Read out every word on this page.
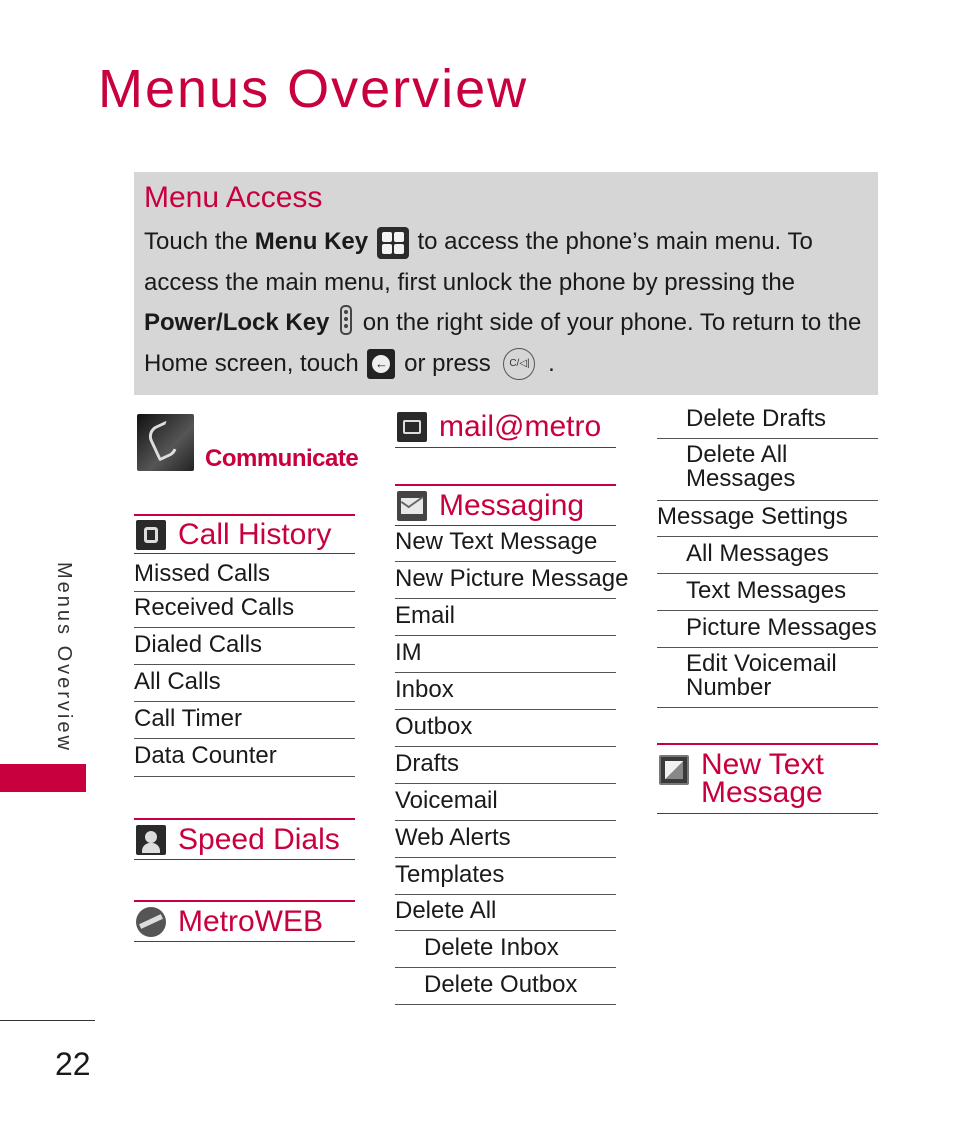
Menus Overview
Menu Access
Touch the Menu Key
to access the phone’s main menu. To access the main menu, first unlock the phone by pressing the Power/Lock Key
on the right side of your phone. To return to the Home screen, touch ← or press C/◁| .
Menus Overview
22
Communicate
Call History
Missed Calls
Received Calls
Dialed Calls
All Calls
Call Timer
Data Counter
Speed Dials
MetroWEB
mail@metro
Messaging
New Text Message
New Picture Message
Email
IM
Inbox
Outbox
Drafts
Voicemail
Web Alerts
Templates
Delete All
Delete Inbox
Delete Outbox
Delete Drafts
Delete All Messages
Message Settings
All Messages
Text Messages
Picture Messages
Edit Voicemail Number
New Text Message
